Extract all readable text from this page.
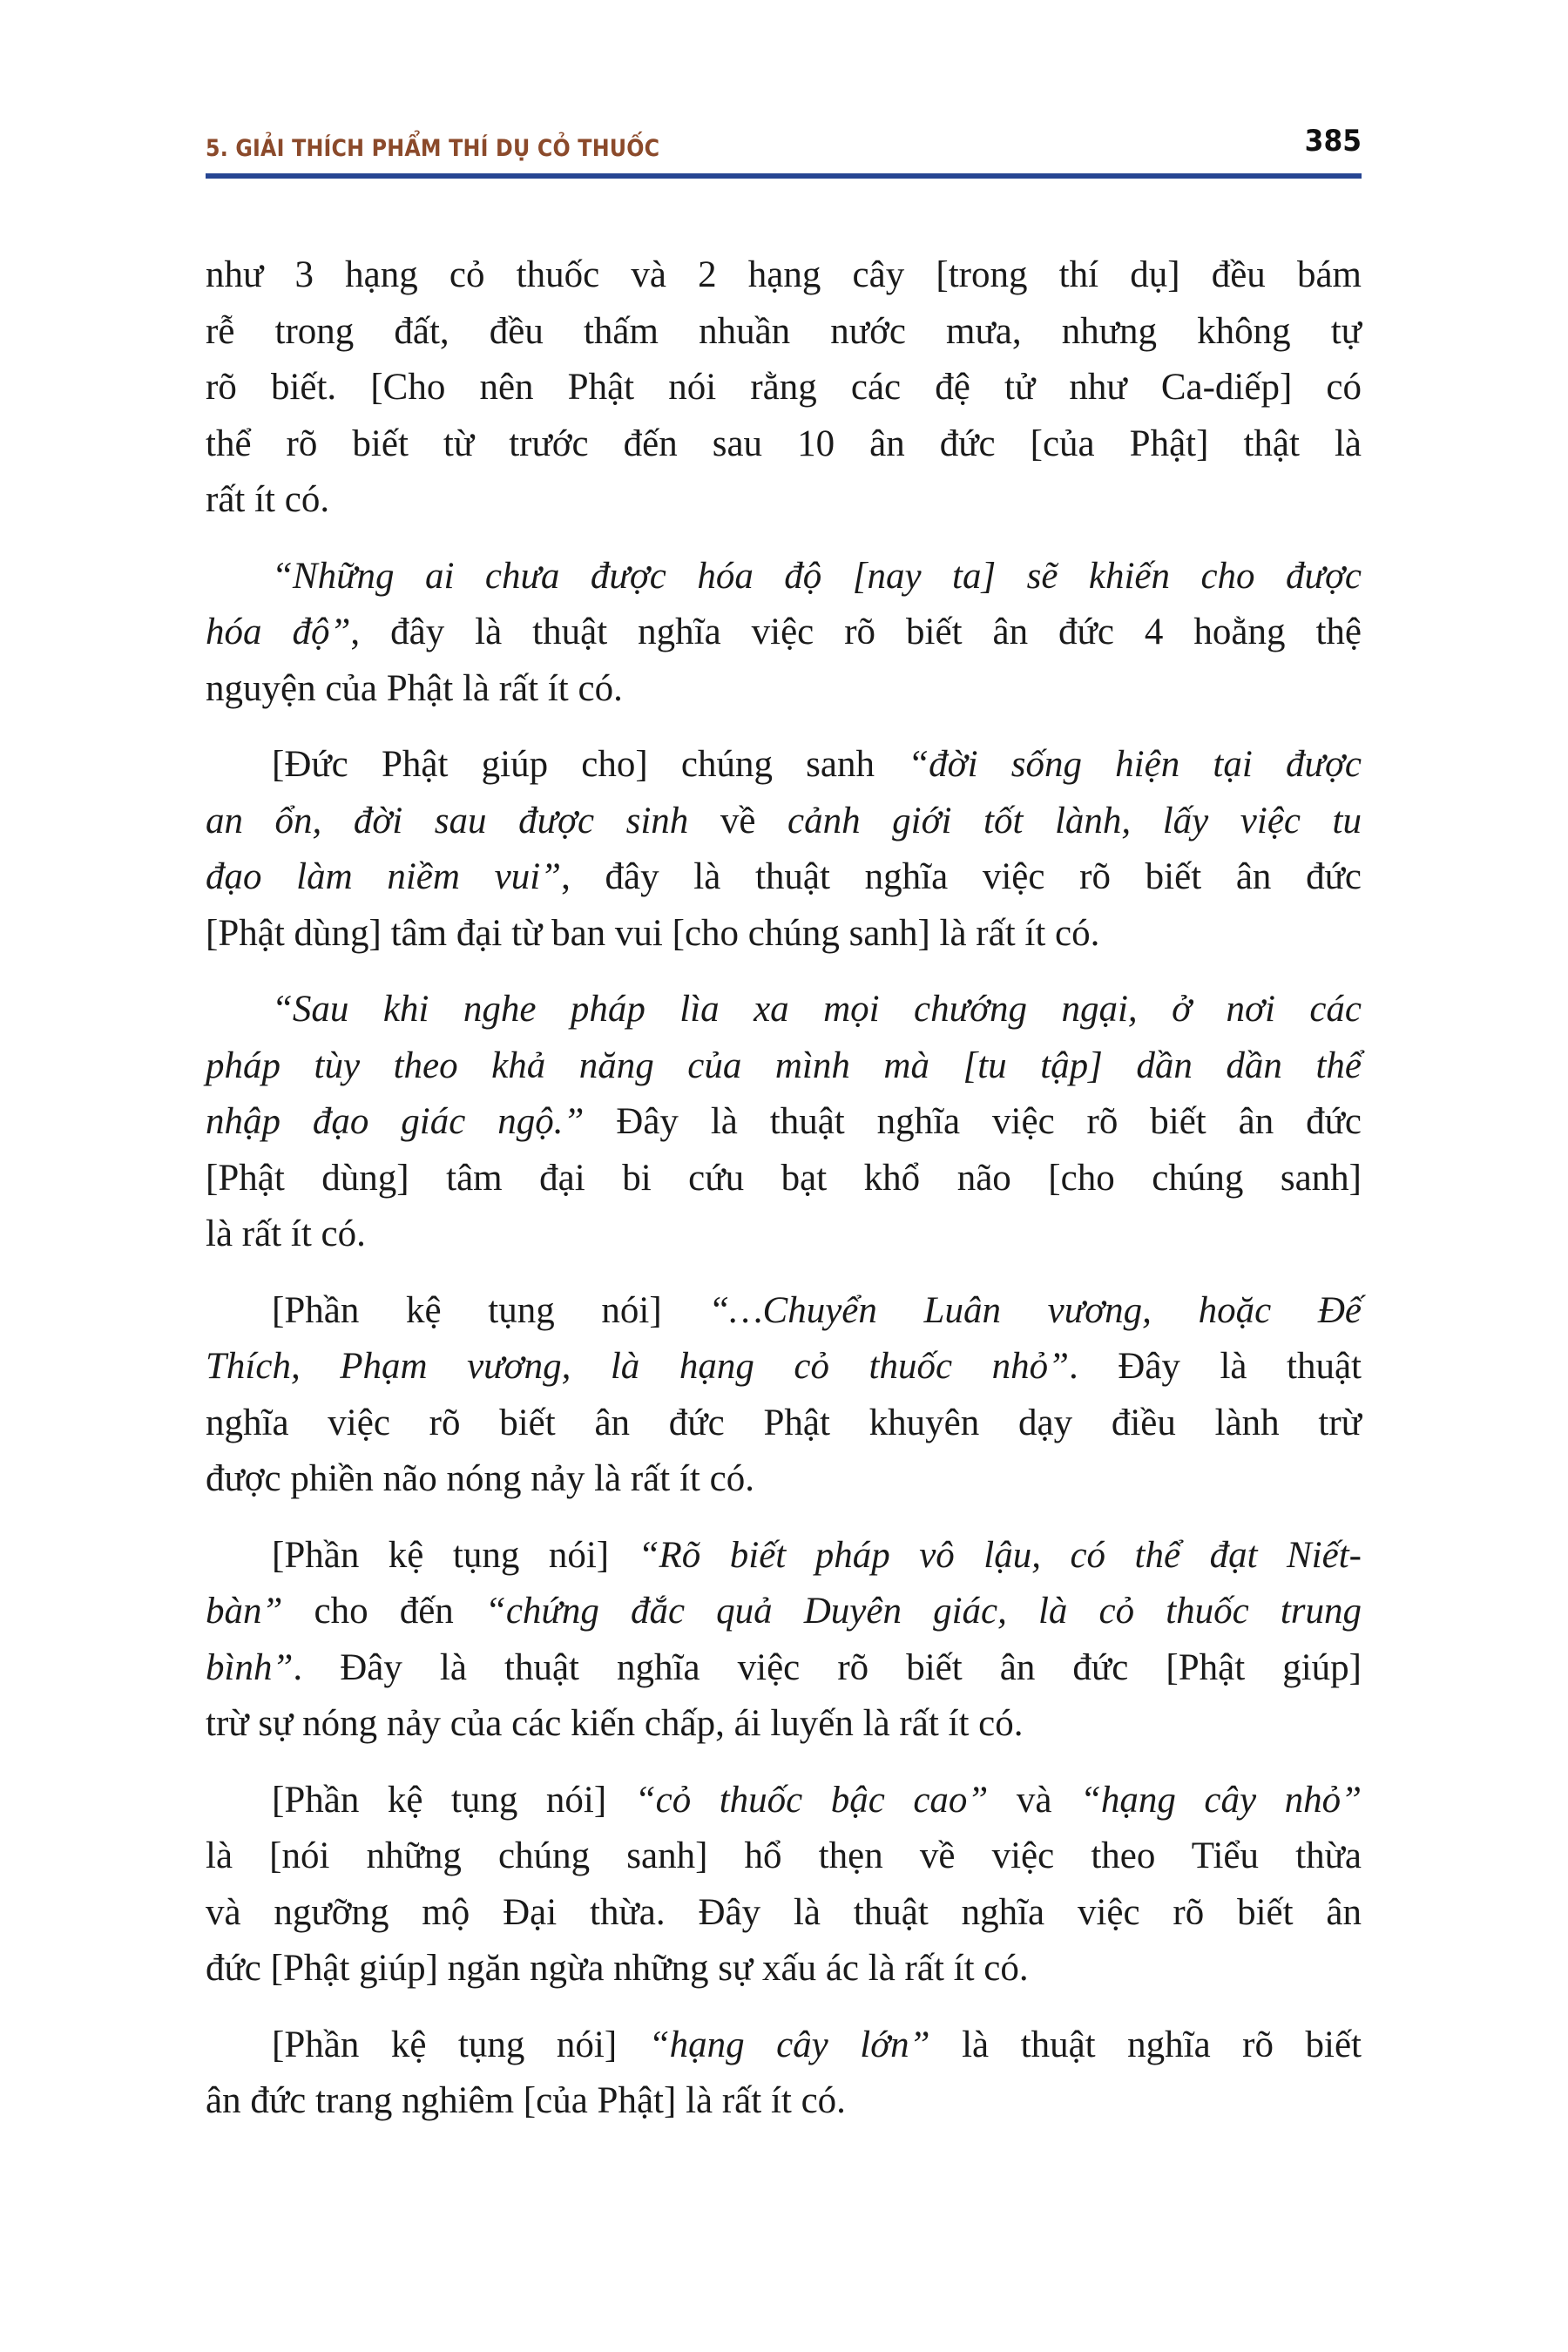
5. GIẢI THÍCH PHẨM THÍ DỤ CỎ THUỐC	385
như 3 hạng cỏ thuốc và 2 hạng cây [trong thí dụ] đều bám
rễ trong đất, đều thấm nhuần nước mưa, nhưng không tự
rõ biết. [Cho nên Phật nói rằng các đệ tử như Ca-diếp] có
thể rõ biết từ trước đến sau 10 ân đức [của Phật] thật là
rất ít có.
“Những ai chưa được hóa độ [nay ta] sẽ khiến cho được
hóa độ”, đây là thuật nghĩa việc rõ biết ân đức 4 hoằng thệ
nguyện của Phật là rất ít có.
[Đức Phật giúp cho] chúng sanh “đời sống hiện tại được
an ổn, đời sau được sinh về cảnh giới tốt lành, lấy việc tu
đạo làm niềm vui”, đây là thuật nghĩa việc rõ biết ân đức
[Phật dùng] tâm đại từ ban vui [cho chúng sanh] là rất ít có.
“Sau khi nghe pháp lìa xa mọi chướng ngại, ở nơi các
pháp tùy theo khả năng của mình mà [tu tập] dần dần thể
nhập đạo giác ngộ.” Đây là thuật nghĩa việc rõ biết ân đức
[Phật dùng] tâm đại bi cứu bạt khổ não [cho chúng sanh]
là rất ít có.
[Phần kệ tụng nói] “…Chuyển Luân vương, hoặc Đế
Thích, Phạm vương, là hạng cỏ thuốc nhỏ”. Đây là thuật
nghĩa việc rõ biết ân đức Phật khuyên dạy điều lành trừ
được phiền não nóng nảy là rất ít có.
[Phần kệ tụng nói] “Rõ biết pháp vô lậu, có thể đạt Niết-
bàn” cho đến “chứng đắc quả Duyên giác, là cỏ thuốc trung
bình”. Đây là thuật nghĩa việc rõ biết ân đức [Phật giúp]
trừ sự nóng nảy của các kiến chấp, ái luyến là rất ít có.
[Phần kệ tụng nói] “cỏ thuốc bậc cao” và “hạng cây nhỏ”
là [nói những chúng sanh] hổ thẹn về việc theo Tiểu thừa
và ngưỡng mộ Đại thừa. Đây là thuật nghĩa việc rõ biết ân
đức [Phật giúp] ngăn ngừa những sự xấu ác là rất ít có.
[Phần kệ tụng nói] “hạng cây lớn” là thuật nghĩa rõ biết
ân đức trang nghiêm [của Phật] là rất ít có.
